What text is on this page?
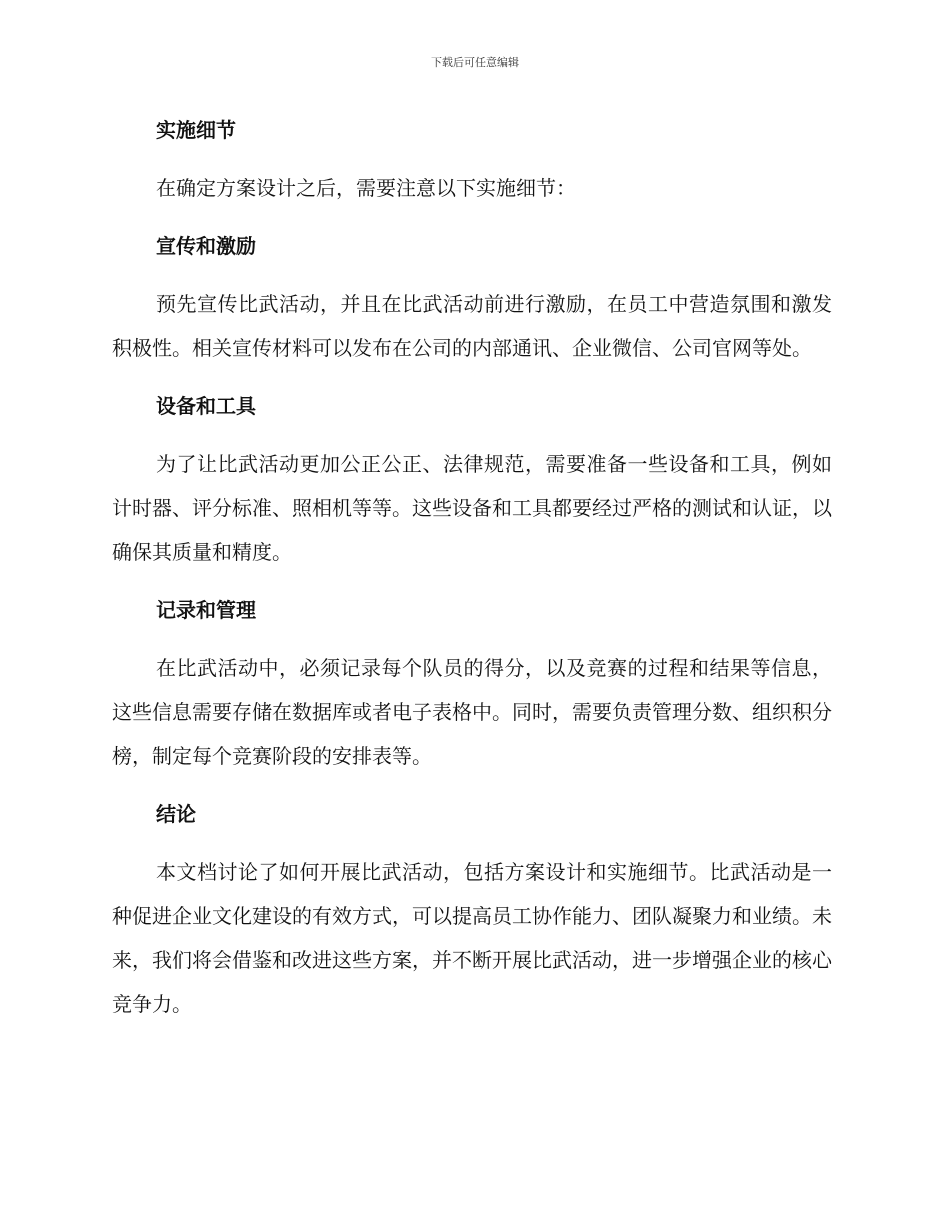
下载后可任意编辑
实施细节

在确定方案设计之后，需要注意以下实施细节：

宣传和激励

预先宣传比武活动，并且在比武活动前进行激励，在员工中营造氛围和激发积极性。相关宣传材料可以发布在公司的内部通讯、企业微信、公司官网等处。

设备和工具

为了让比武活动更加公正公正、法律规范，需要准备一些设备和工具，例如计时器、评分标准、照相机等等。这些设备和工具都要经过严格的测试和认证，以确保其质量和精度。

记录和管理

在比武活动中，必须记录每个队员的得分，以及竞赛的过程和结果等信息，这些信息需要存储在数据库或者电子表格中。同时，需要负责管理分数、组织积分榜，制定每个竞赛阶段的安排表等。

结论

本文档讨论了如何开展比武活动，包括方案设计和实施细节。比武活动是一种促进企业文化建设的有效方式，可以提高员工协作能力、团队凝聚力和业绩。未来，我们将会借鉴和改进这些方案，并不断开展比武活动，进一步增强企业的核心竞争力。
